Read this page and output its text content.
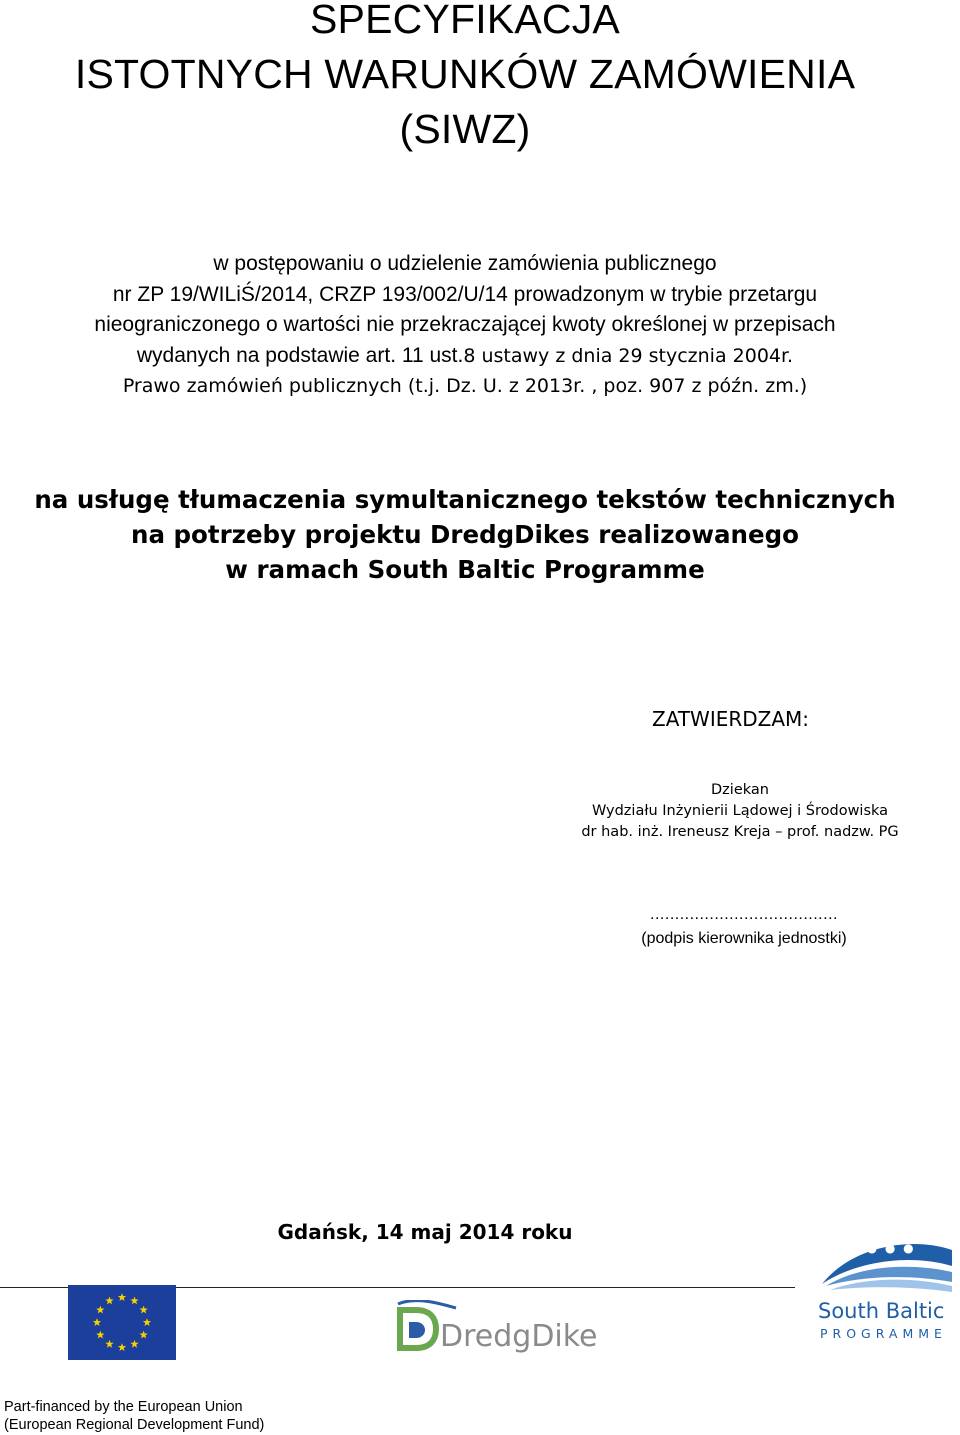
SPECYFIKACJA
ISTOTNYCH WARUNKÓW ZAMÓWIENIA
(SIWZ)
w postępowaniu o udzielenie zamówienia publicznego
nr ZP 19/WILiŚ/2014, CRZP 193/002/U/14 prowadzonym w trybie przetargu
nieograniczonego o wartości nie przekraczającej kwoty określonej w przepisach
wydanych na podstawie art. 11 ust.8 ustawy z dnia 29 stycznia 2004r.
Prawo zamówień publicznych (t.j. Dz. U. z 2013r. , poz. 907 z późn. zm.)
na usługę tłumaczenia symultanicznego tekstów technicznych
na potrzeby projektu DredgDikes realizowanego
w ramach South Baltic Programme
ZATWIERDZAM:
Dziekan
Wydziału Inżynierii Lądowej i Środowiska
dr hab. inż. Ireneusz Kreja – prof. nadzw. PG
......................................
(podpis kierownika jednostki)
Gdańsk, 14 maj 2014 roku
DredgDikes
● ● ● ● ●
South Baltic
PROGRAMME
Part-financed by the European Union
(European Regional Development Fund)
